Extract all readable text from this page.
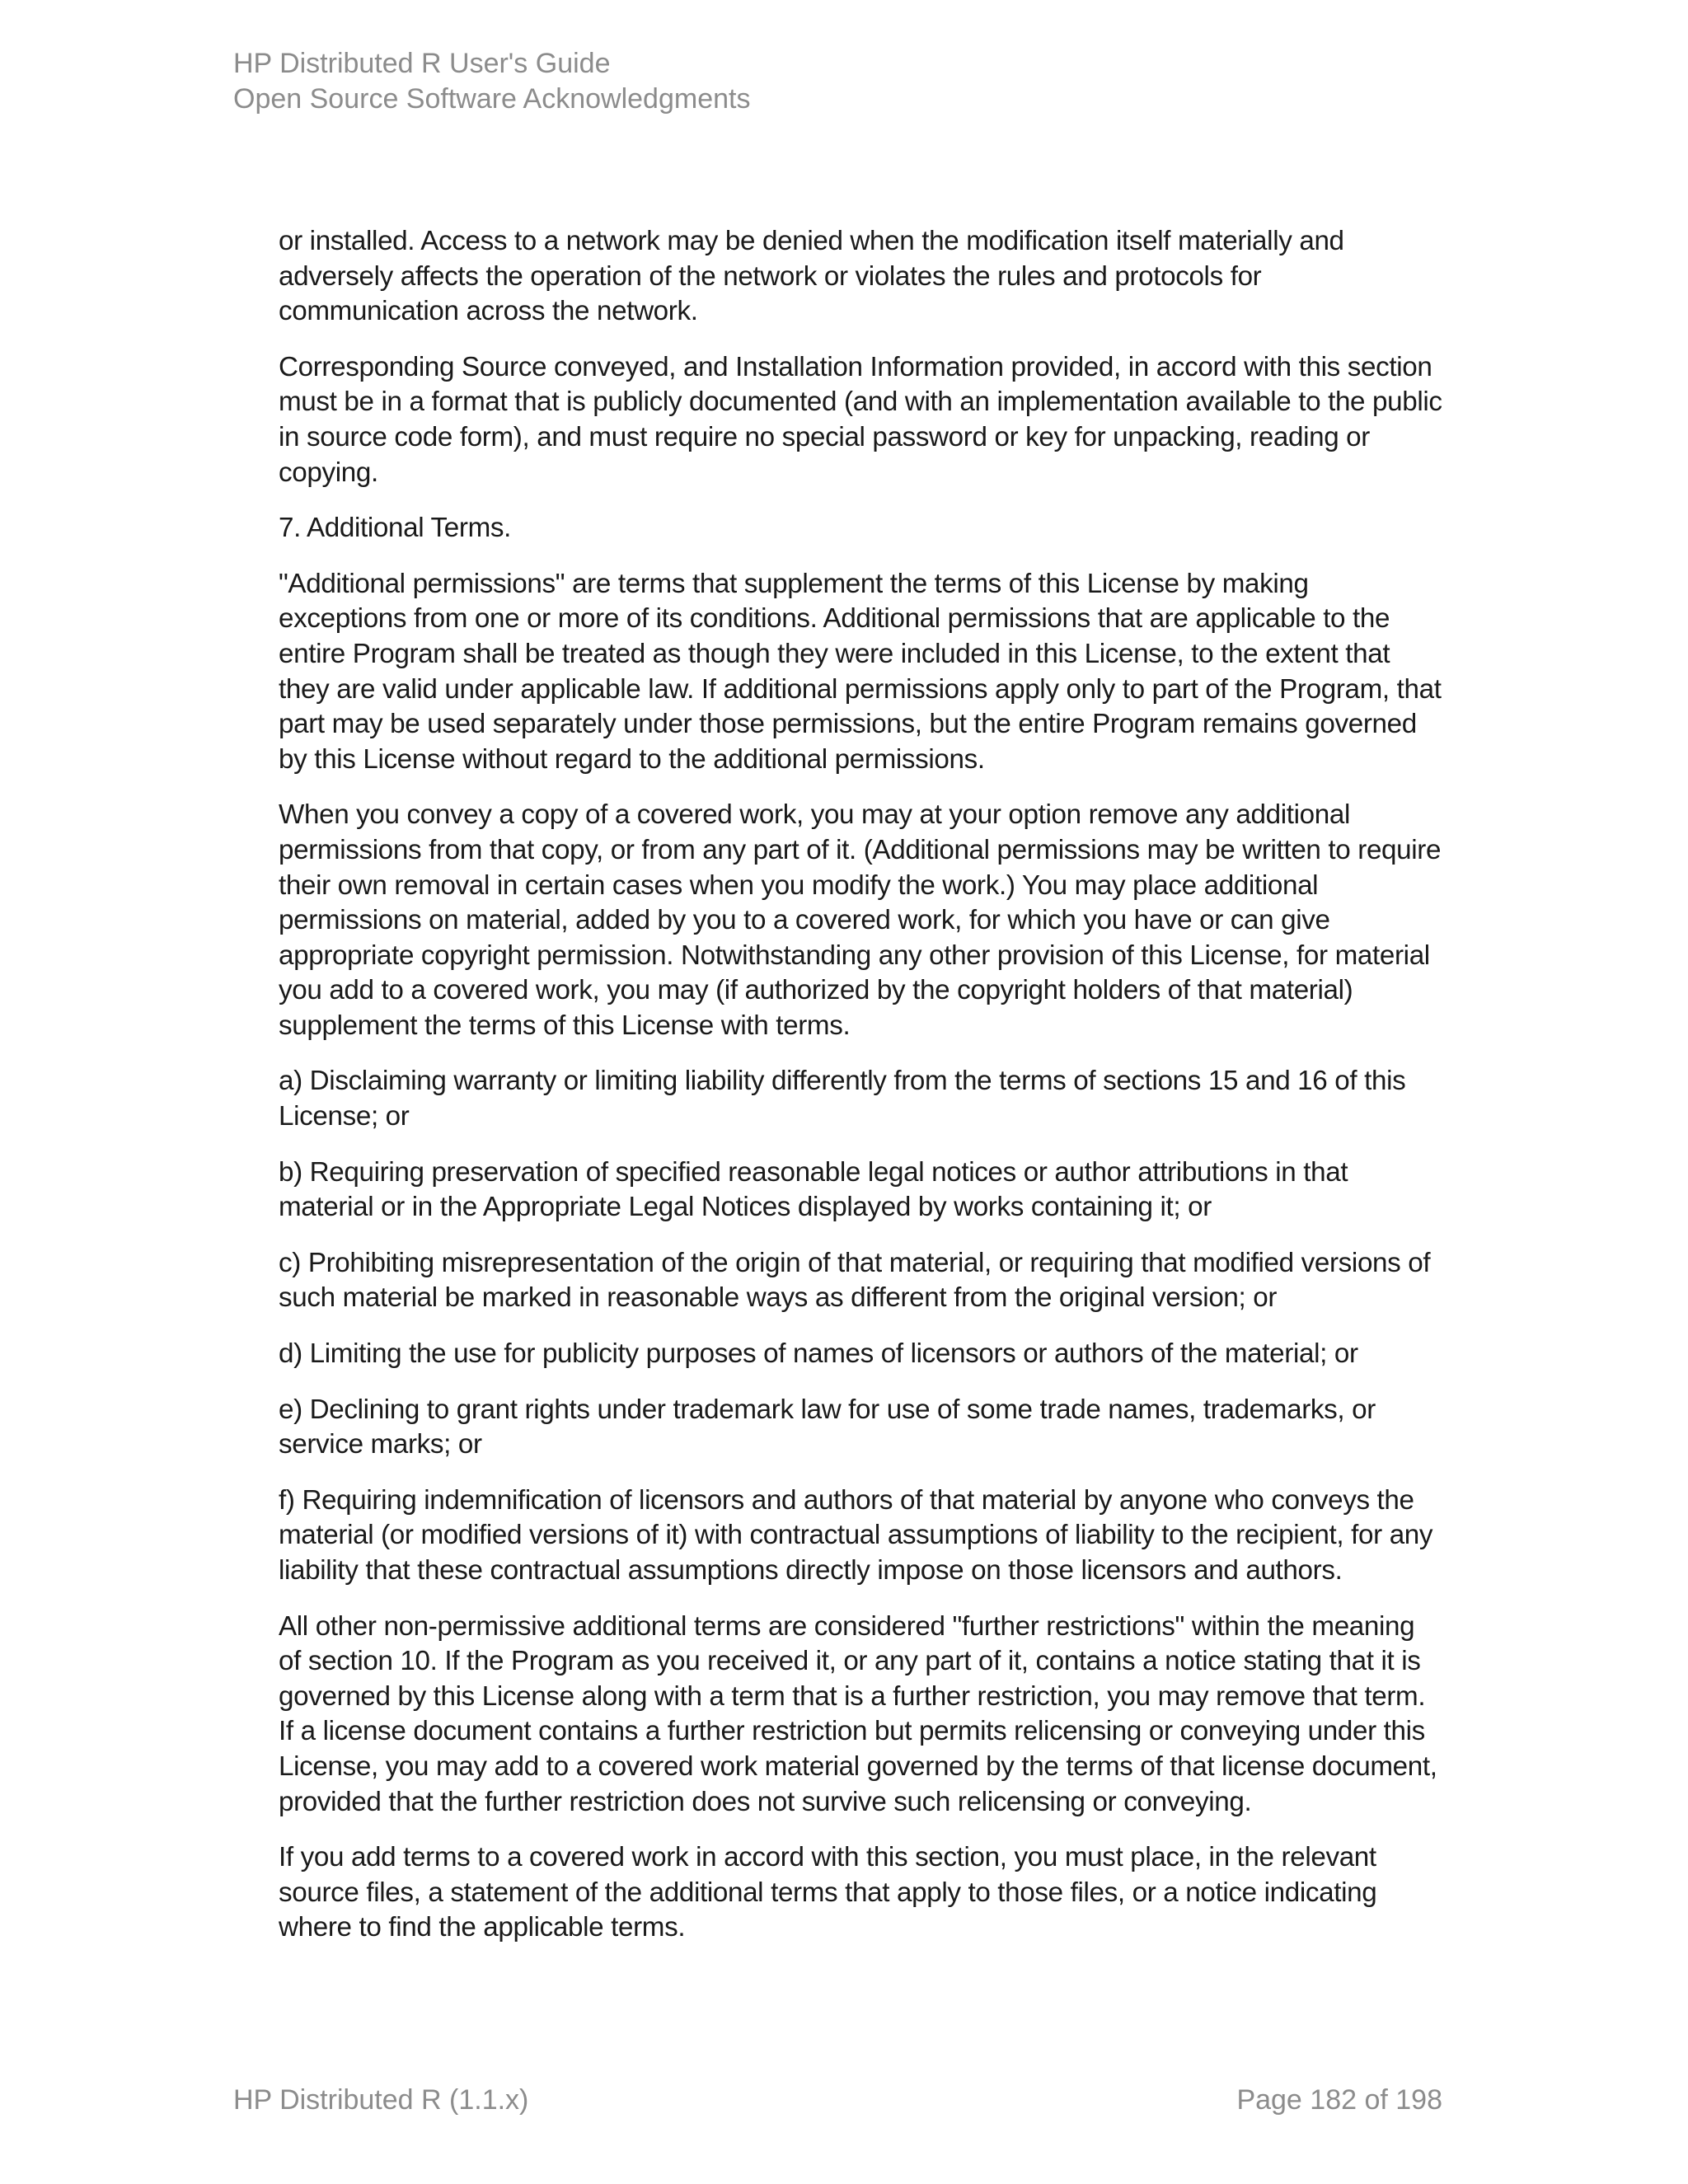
HP Distributed R User's Guide
Open Source Software Acknowledgments

or installed. Access to a network may be denied when the modification itself materially and adversely affects the operation of the network or violates the rules and protocols for communication across the network.

Corresponding Source conveyed, and Installation Information provided, in accord with this section must be in a format that is publicly documented (and with an implementation available to the public in source code form), and must require no special password or key for unpacking, reading or copying.

7. Additional Terms.

"Additional permissions" are terms that supplement the terms of this License by making exceptions from one or more of its conditions. Additional permissions that are applicable to the entire Program shall be treated as though they were included in this License, to the extent that they are valid under applicable law. If additional permissions apply only to part of the Program, that part may be used separately under those permissions, but the entire Program remains governed by this License without regard to the additional permissions.

When you convey a copy of a covered work, you may at your option remove any additional permissions from that copy, or from any part of it. (Additional permissions may be written to require their own removal in certain cases when you modify the work.) You may place additional permissions on material, added by you to a covered work, for which you have or can give appropriate copyright permission. Notwithstanding any other provision of this License, for material you add to a covered work, you may (if authorized by the copyright holders of that material) supplement the terms of this License with terms.

a) Disclaiming warranty or limiting liability differently from the terms of sections 15 and 16 of this License; or

b) Requiring preservation of specified reasonable legal notices or author attributions in that material or in the Appropriate Legal Notices displayed by works containing it; or

c) Prohibiting misrepresentation of the origin of that material, or requiring that modified versions of such material be marked in reasonable ways as different from the original version; or

d) Limiting the use for publicity purposes of names of licensors or authors of the material; or

e) Declining to grant rights under trademark law for use of some trade names, trademarks, or service marks; or

f) Requiring indemnification of licensors and authors of that material by anyone who conveys the material (or modified versions of it) with contractual assumptions of liability to the recipient, for any liability that these contractual assumptions directly impose on those licensors and authors.

All other non-permissive additional terms are considered "further restrictions" within the meaning of section 10. If the Program as you received it, or any part of it, contains a notice stating that it is governed by this License along with a term that is a further restriction, you may remove that term. If a license document contains a further restriction but permits relicensing or conveying under this License, you may add to a covered work material governed by the terms of that license document, provided that the further restriction does not survive such relicensing or conveying.

If you add terms to a covered work in accord with this section, you must place, in the relevant source files, a statement of the additional terms that apply to those files, or a notice indicating where to find the applicable terms.

HP Distributed R (1.1.x)	Page 182 of 198
